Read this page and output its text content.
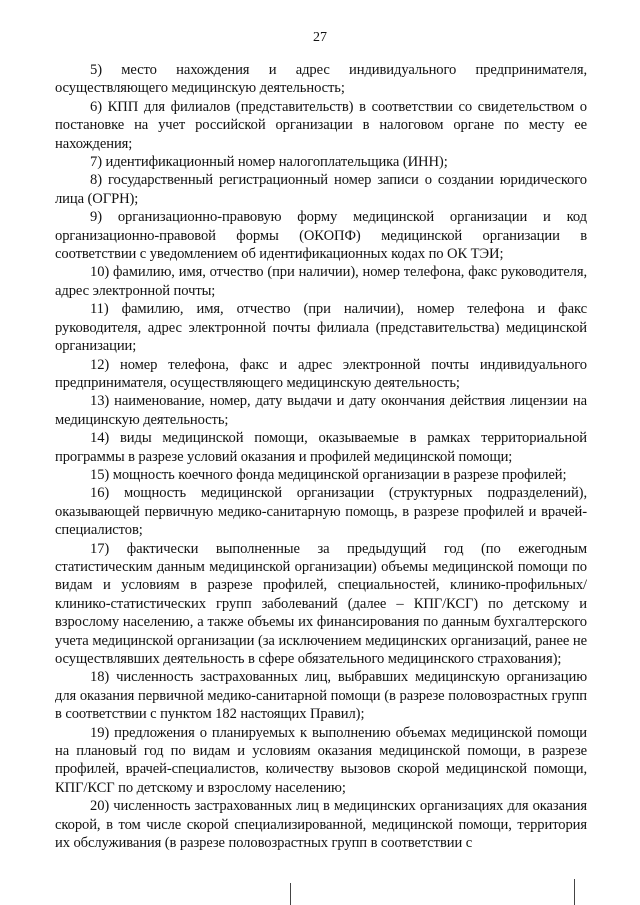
27

5) место нахождения и адрес индивидуального предпринимателя, осуществляющего медицинскую деятельность;

6) КПП для филиалов (представительств) в соответствии со свидетельством о постановке на учет российской организации в налоговом органе по месту ее нахождения;

7) идентификационный номер налогоплательщика (ИНН);

8) государственный регистрационный номер записи о создании юридического лица (ОГРН);

9) организационно-правовую форму медицинской организации и код организационно-правовой формы (ОКОПФ) медицинской организации в соответствии с уведомлением об идентификационных кодах по ОК ТЭИ;

10) фамилию, имя, отчество (при наличии), номер телефона, факс руководителя, адрес электронной почты;

11) фамилию, имя, отчество (при наличии), номер телефона и факс руководителя, адрес электронной почты филиала (представительства) медицинской организации;

12) номер телефона, факс и адрес электронной почты индивидуального предпринимателя, осуществляющего медицинскую деятельность;

13) наименование, номер, дату выдачи и дату окончания действия лицензии на медицинскую деятельность;

14) виды медицинской помощи, оказываемые в рамках территориальной программы в разрезе условий оказания и профилей медицинской помощи;

15) мощность коечного фонда медицинской организации в разрезе профилей;

16) мощность медицинской организации (структурных подразделений), оказывающей первичную медико-санитарную помощь, в разрезе профилей и врачей-специалистов;

17) фактически выполненные за предыдущий год (по ежегодным статистическим данным медицинской организации) объемы медицинской помощи по видам и условиям в разрезе профилей, специальностей, клинико-профильных/клинико-статистических групп заболеваний (далее – КПГ/КСГ) по детскому и взрослому населению, а также объемы их финансирования по данным бухгалтерского учета медицинской организации (за исключением медицинских организаций, ранее не осуществлявших деятельность в сфере обязательного медицинского страхования);

18) численность застрахованных лиц, выбравших медицинскую организацию для оказания первичной медико-санитарной помощи (в разрезе половозрастных групп в соответствии с пунктом 182 настоящих Правил);

19) предложения о планируемых к выполнению объемах медицинской помощи на плановый год по видам и условиям оказания медицинской помощи, в разрезе профилей, врачей-специалистов, количеству вызовов скорой медицинской помощи, КПГ/КСГ по детскому и взрослому населению;

20) численность застрахованных лиц в медицинских организациях для оказания скорой, в том числе скорой специализированной, медицинской помощи, территория их обслуживания (в разрезе половозрастных групп в соответствии с
